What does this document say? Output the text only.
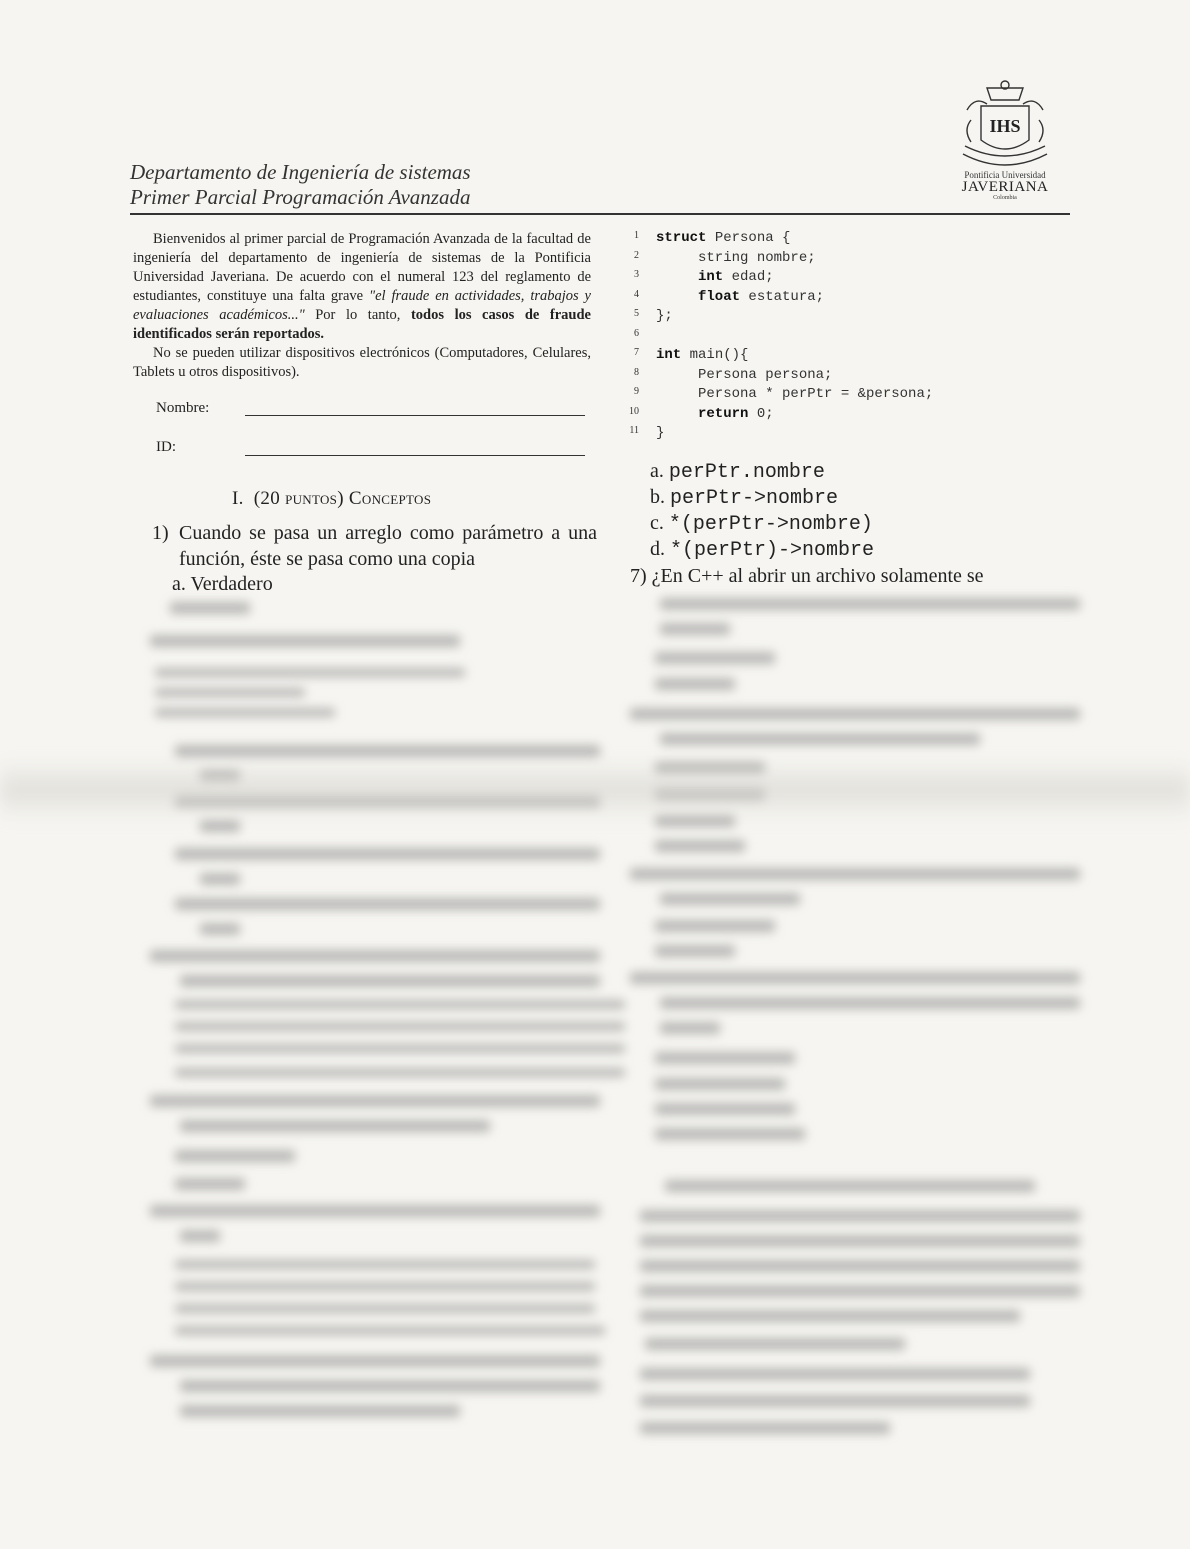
Departamento de Ingeniería de sistemas
Primer Parcial Programación Avanzada
IHS
Pontificia Universidad
JAVERIANA
Colombia

Bienvenidos al primer parcial de Programación Avanzada de la facultad de ingeniería del departamento de ingeniería de sistemas de la Pontificia Universidad Javeriana. De acuerdo con el numeral 123 del reglamento de estudiantes, constituye una falta grave "el fraude en actividades, trabajos y evaluaciones académicos..." Por lo tanto, todos los casos de fraude identificados serán reportados.

No se pueden utilizar dispositivos electrónicos (Computadores, Celulares, Tablets u otros dispositivos).

Nombre:
ID:
I. (20 puntos) Conceptos
1) Cuando se pasa un arreglo como parámetro a una función, éste se pasa como una copia
a. Verdadero
1 struct Persona {
2 string nombre;
3 int edad;
4 float estatura;
5 };
6
7 int main(){
8 Persona persona;
9 Persona * perPtr = &persona;
10 return 0;
11 }
a. perPtr.nombre
b. perPtr->nombre
c. *(perPtr->nombre)
d. *(perPtr)->nombre
7) ¿En C++ al abrir un archivo solamente se
